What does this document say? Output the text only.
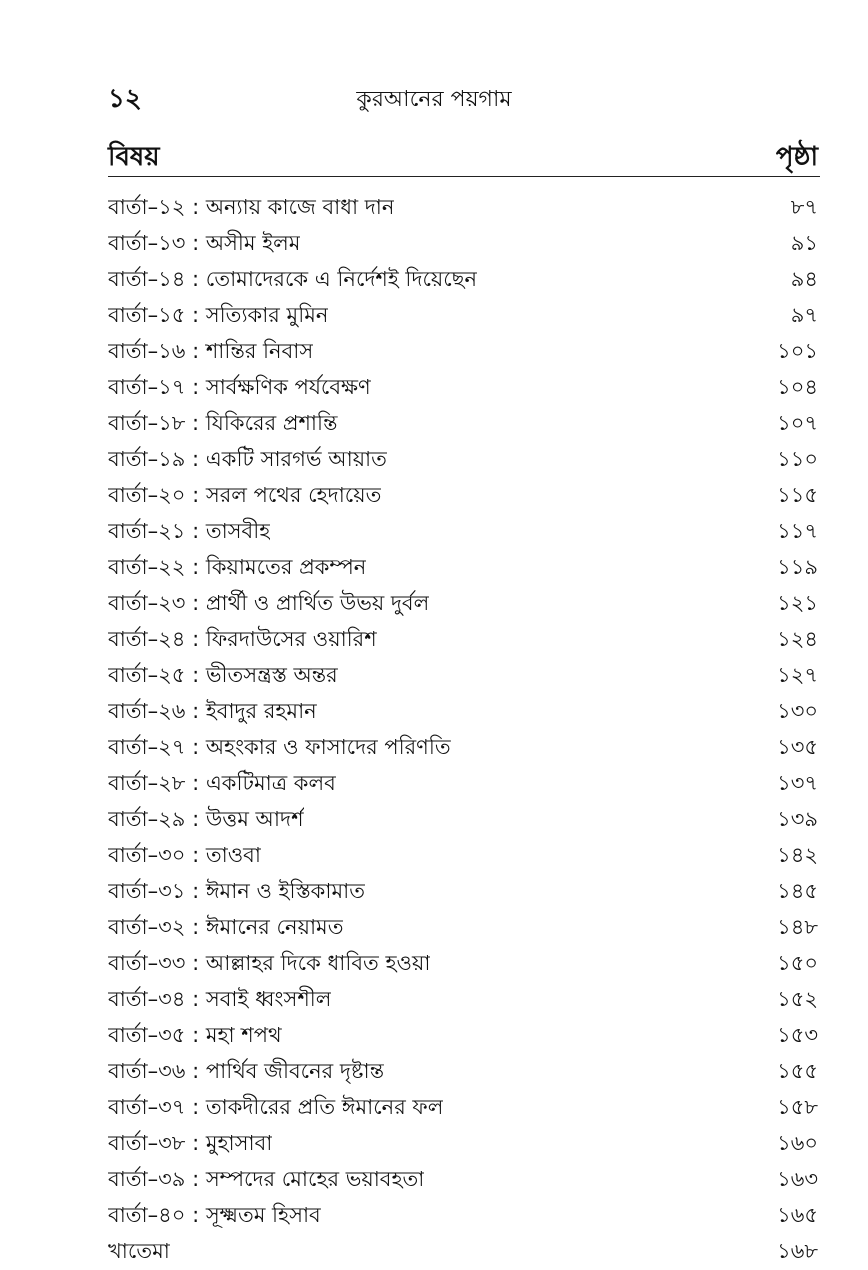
১২	কুরআনের পয়গাম
বিষয়	পৃষ্ঠা
বার্তা–১২ : অন্যায় কাজে বাধা দান	৮৭
বার্তা–১৩ : অসীম ইলম	৯১
বার্তা–১৪ : তোমাদেরকে এ নির্দেশই দিয়েছেন	৯৪
বার্তা–১৫ : সত্যিকার মুমিন	৯৭
বার্তা–১৬ : শান্তির নিবাস	১০১
বার্তা–১৭ : সার্বক্ষণিক পর্যবেক্ষণ	১০৪
বার্তা–১৮ : যিকিরের প্রশান্তি	১০৭
বার্তা–১৯ : একটি সারগর্ভ আয়াত	১১০
বার্তা–২০ : সরল পথের হেদায়েত	১১৫
বার্তা–২১ : তাসবীহ	১১৭
বার্তা–২২ : কিয়ামতের প্রকম্পন	১১৯
বার্তা–২৩ : প্রার্থী ও প্রার্থিত উভয় দুর্বল	১২১
বার্তা–২৪ : ফিরদাউসের ওয়ারিশ	১২৪
বার্তা–২৫ : ভীতসন্ত্রস্ত অন্তর	১২৭
বার্তা–২৬ : ইবাদুর রহমান	১৩০
বার্তা–২৭ : অহংকার ও ফাসাদের পরিণতি	১৩৫
বার্তা–২৮ : একটিমাত্র কলব	১৩৭
বার্তা–২৯ : উত্তম আদর্শ	১৩৯
বার্তা–৩০ : তাওবা	১৪২
বার্তা–৩১ : ঈমান ও ইস্তিকামাত	১৪৫
বার্তা–৩২ : ঈমানের নেয়ামত	১৪৮
বার্তা–৩৩ : আল্লাহর দিকে ধাবিত হওয়া	১৫০
বার্তা–৩৪ : সবাই ধ্বংসশীল	১৫২
বার্তা–৩৫ : মহা শপথ	১৫৩
বার্তা–৩৬ : পার্থিব জীবনের দৃষ্টান্ত	১৫৫
বার্তা–৩৭ : তাকদীরের প্রতি ঈমানের ফল	১৫৮
বার্তা–৩৮ : মুহাসাবা	১৬০
বার্তা–৩৯ : সম্পদের মোহের ভয়াবহতা	১৬৩
বার্তা–৪০ : সূক্ষ্মতম হিসাব	১৬৫
খাতেমা	১৬৮
